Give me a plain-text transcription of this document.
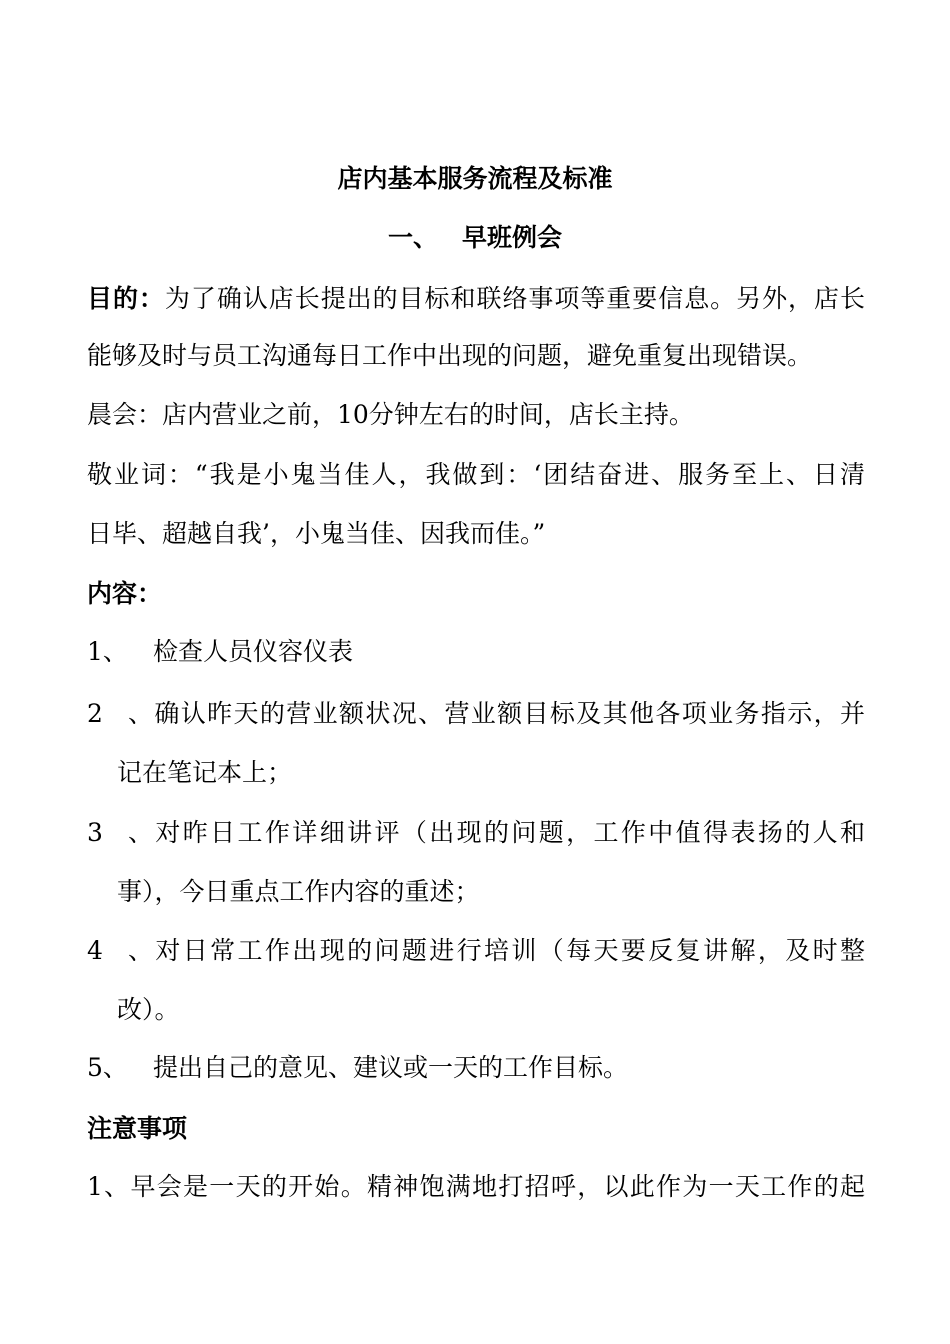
店内基本服务流程及标准
一、 早班例会
目的：为了确认店长提出的目标和联络事项等重要信息。另外，店长
能够及时与员工沟通每日工作中出现的问题，避免重复出现错误。
晨会：店内营业之前，10分钟左右的时间，店长主持。
敬业词：“我是小鬼当佳人，我做到：‘团结奋进、服务至上、日清
日毕、超越自我’，小鬼当佳、因我而佳。”
内容：
1、 检查人员仪容仪表
2、确认昨天的营业额状况、营业额目标及其他各项业务指示，并
记在笔记本上；
3、对昨日工作详细讲评（出现的问题，工作中值得表扬的人和
事），今日重点工作内容的重述；
4、对日常工作出现的问题进行培训（每天要反复讲解，及时整
改）。
5、 提出自己的意见、建议或一天的工作目标。
注意事项
1、早会是一天的开始。精神饱满地打招呼，以此作为一天工作的起
